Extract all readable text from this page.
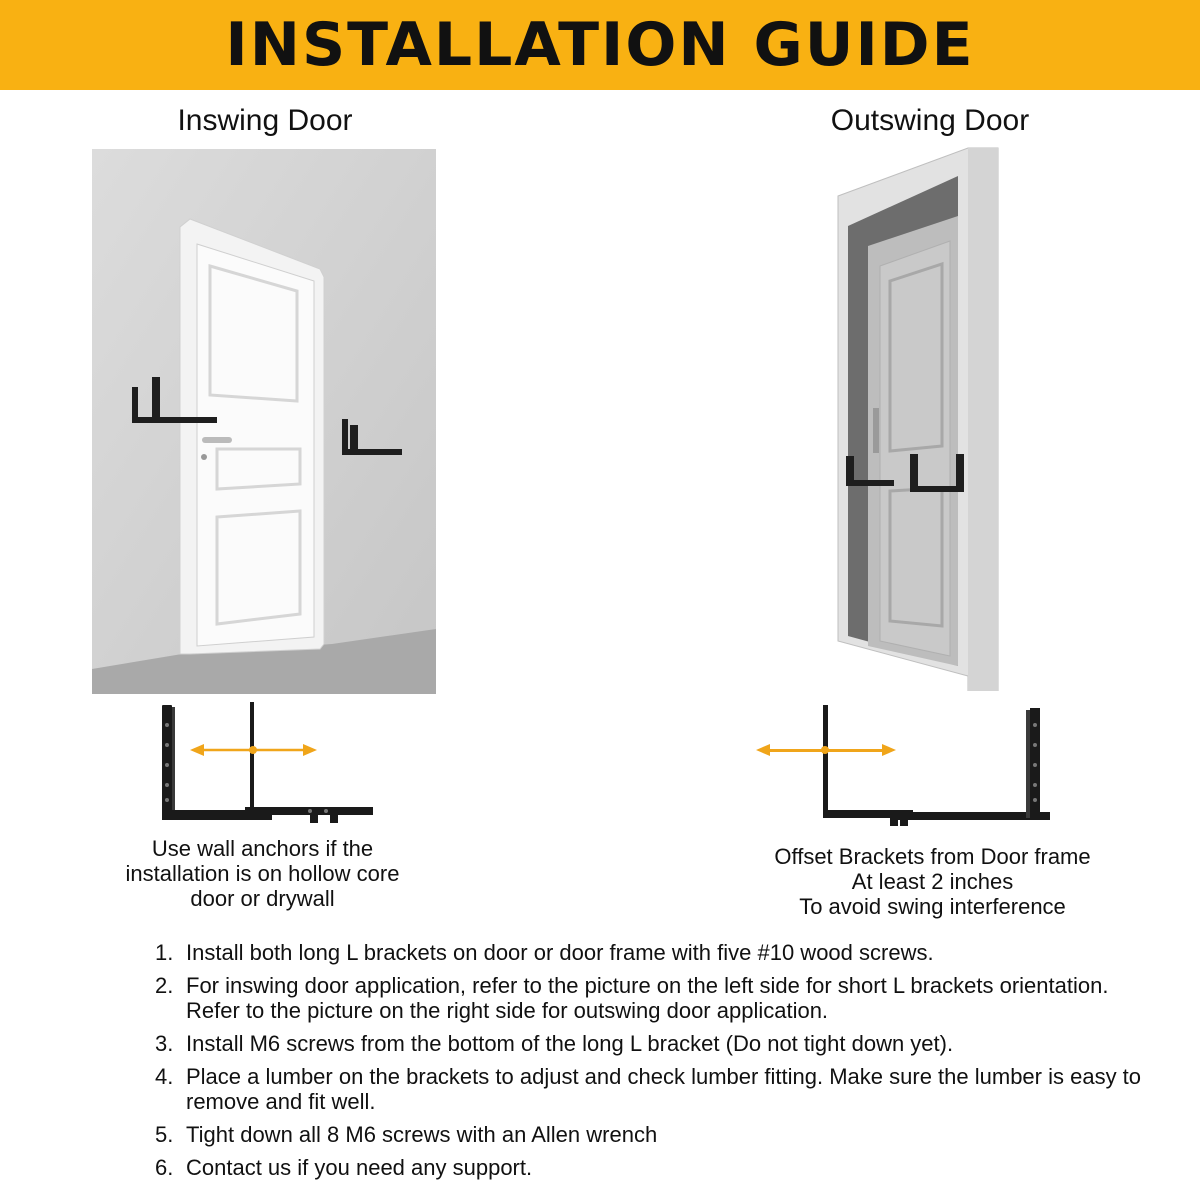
INSTALLATION GUIDE
Inswing Door	Outswing Door
Use wall anchors if the
installation is on hollow core
door or drywall
Offset Brackets from Door frame
At least 2 inches
To avoid swing interference
1. Install both long L brackets on door or door frame with five #10 wood screws.
2. For inswing door application, refer to the picture on the left side for short L brackets orientation. Refer to the picture on the right side for outswing door application.
3. Install M6 screws from the bottom of the long L bracket (Do not tight down yet).
4. Place a lumber on the brackets to adjust and check lumber fitting. Make sure the lumber is easy to remove and fit well.
5. Tight down all 8 M6 screws with an Allen wrench
6. Contact us if you need any support.
